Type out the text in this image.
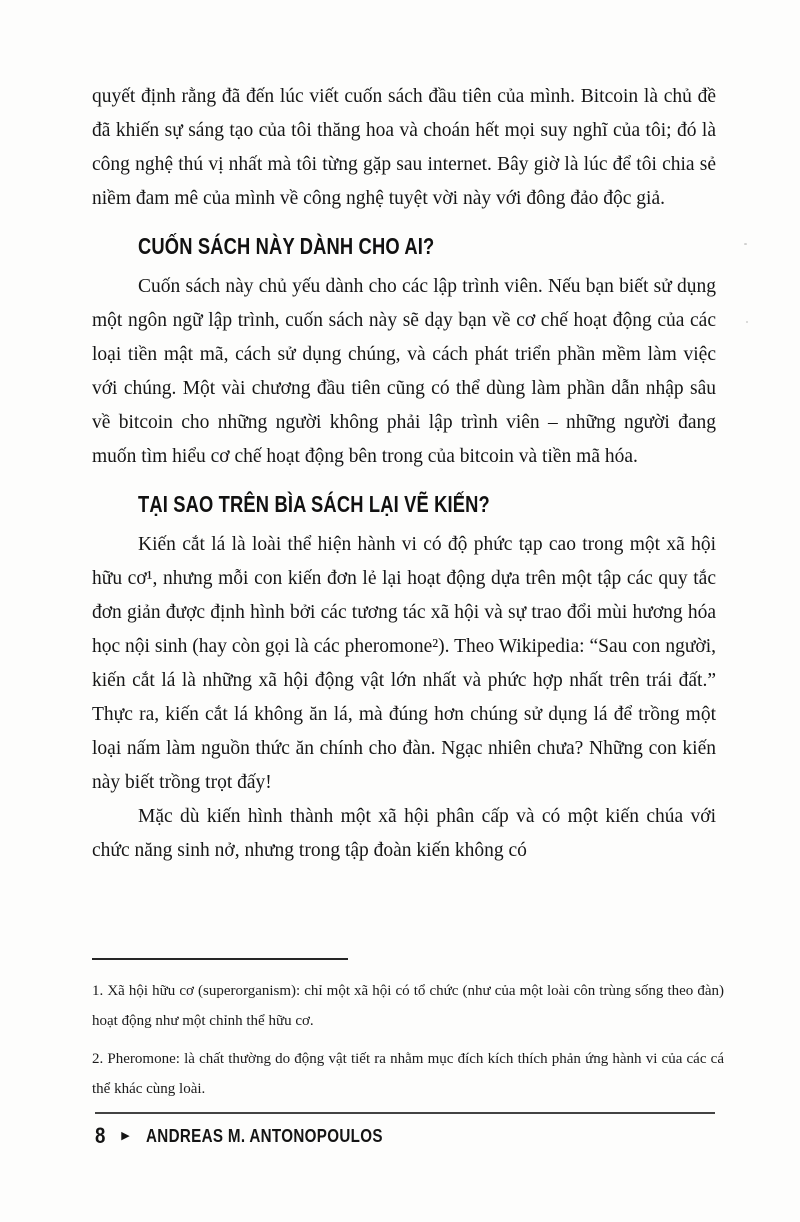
quyết định rằng đã đến lúc viết cuốn sách đầu tiên của mình. Bitcoin là chủ đề đã khiến sự sáng tạo của tôi thăng hoa và choán hết mọi suy nghĩ của tôi; đó là công nghệ thú vị nhất mà tôi từng gặp sau internet. Bây giờ là lúc để tôi chia sẻ niềm đam mê của mình về công nghệ tuyệt vời này với đông đảo độc giả.

CUỐN SÁCH NÀY DÀNH CHO AI?

Cuốn sách này chủ yếu dành cho các lập trình viên. Nếu bạn biết sử dụng một ngôn ngữ lập trình, cuốn sách này sẽ dạy bạn về cơ chế hoạt động của các loại tiền mật mã, cách sử dụng chúng, và cách phát triển phần mềm làm việc với chúng. Một vài chương đầu tiên cũng có thể dùng làm phần dẫn nhập sâu về bitcoin cho những người không phải lập trình viên – những người đang muốn tìm hiểu cơ chế hoạt động bên trong của bitcoin và tiền mã hóa.

TẠI SAO TRÊN BÌA SÁCH LẠI VẼ KIẾN?

Kiến cắt lá là loài thể hiện hành vi có độ phức tạp cao trong một xã hội hữu cơ¹, nhưng mỗi con kiến đơn lẻ lại hoạt động dựa trên một tập các quy tắc đơn giản được định hình bởi các tương tác xã hội và sự trao đổi mùi hương hóa học nội sinh (hay còn gọi là các pheromone²). Theo Wikipedia: “Sau con người, kiến cắt lá là những xã hội động vật lớn nhất và phức hợp nhất trên trái đất.” Thực ra, kiến cắt lá không ăn lá, mà đúng hơn chúng sử dụng lá để trồng một loại nấm làm nguồn thức ăn chính cho đàn. Ngạc nhiên chưa? Những con kiến này biết trồng trọt đấy!

Mặc dù kiến hình thành một xã hội phân cấp và có một kiến chúa với chức năng sinh nở, nhưng trong tập đoàn kiến không có

1. Xã hội hữu cơ (superorganism): chỉ một xã hội có tổ chức (như của một loài côn trùng sống theo đàn) hoạt động như một chỉnh thể hữu cơ.

2. Pheromone: là chất thường do động vật tiết ra nhằm mục đích kích thích phản ứng hành vi của các cá thể khác cùng loài.

8 ▶ ANDREAS M. ANTONOPOULOS
